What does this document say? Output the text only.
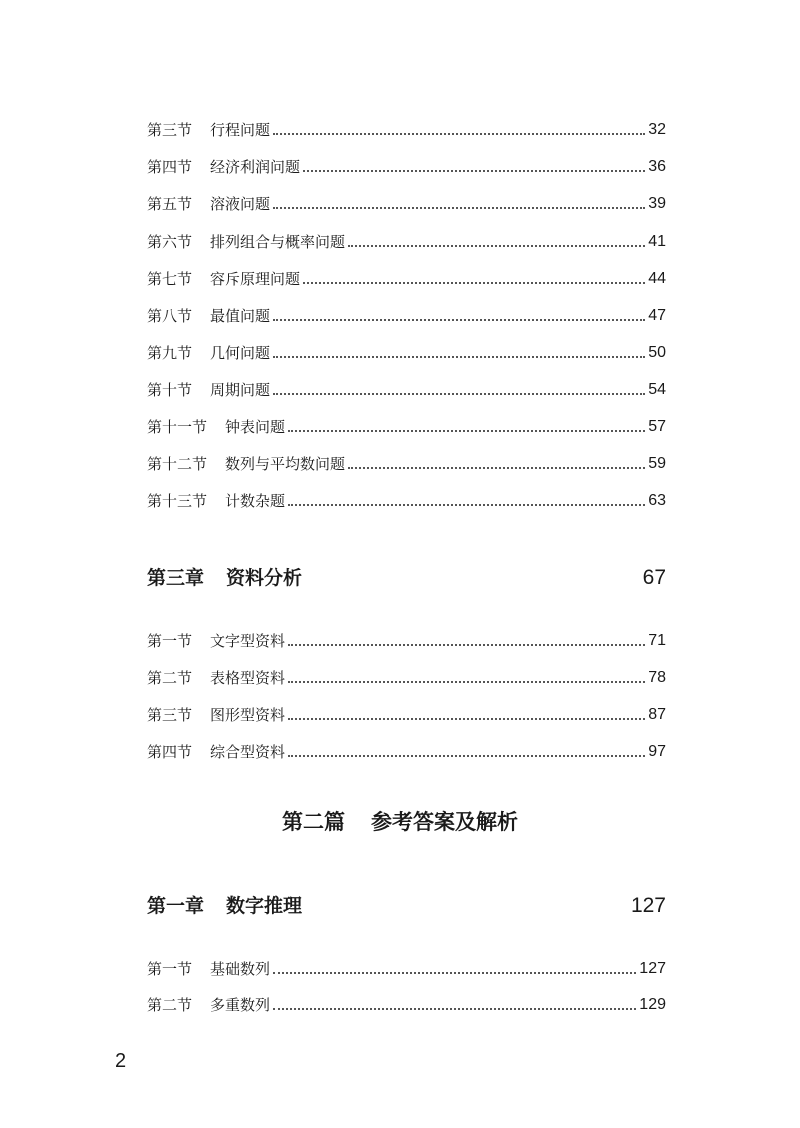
第三节 行程问题	32
第四节 经济利润问题	36
第五节 溶液问题	39
第六节 排列组合与概率问题	41
第七节 容斥原理问题	44
第八节 最值问题	47
第九节 几何问题	50
第十节 周期问题	54
第十一节 钟表问题	57
第十二节 数列与平均数问题	59
第十三节 计数杂题	63
第三章 资料分析	67
第一节 文字型资料	71
第二节 表格型资料	78
第三节 图形型资料	87
第四节 综合型资料	97
第二篇 参考答案及解析
第一章 数字推理	127
第一节 基础数列	127
第二节 多重数列	129
2
